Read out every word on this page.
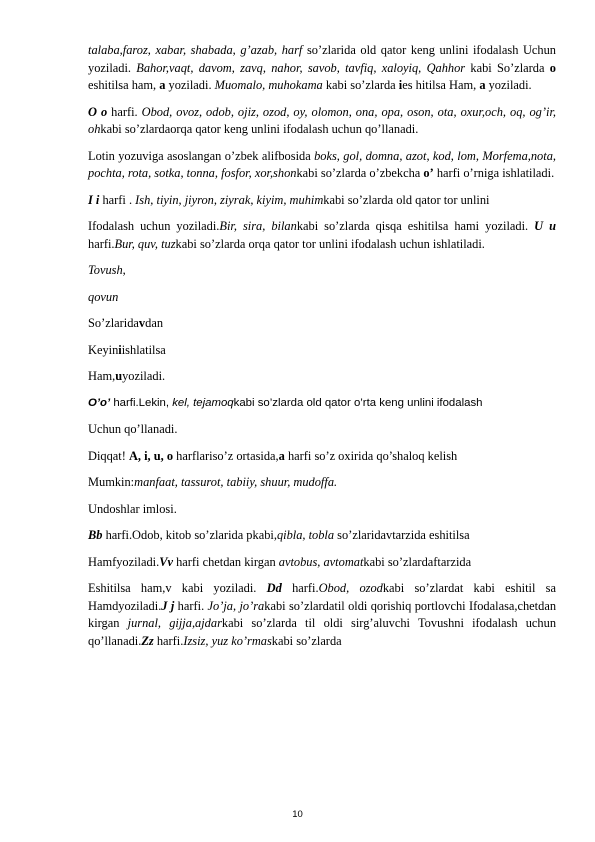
talaba,faroz, xabar, shabada, g’azab, harf so’zlarida old qator keng unlini ifodalash Uchun yoziladi. Bahor,vaqt, davom, zavq, nahor, savob, tavfiq, xaloyiq, Qahhor kabi So’zlarda o eshitilsa ham, a yoziladi. Muomalo, muhokama kabi so’zlarda ies hitilsa Ham, a yoziladi.

O o harfi. Obod, ovoz, odob, ojiz, ozod, oy, olomon, ona, opa, oson, ota, oxur,och, oq, og’ir, ohkabi so’zlardaorqa qator keng unlini ifodalash uchun qo’llanadi.

Lotin yozuviga asoslangan o’zbek alifbosida boks, gol, domna, azot, kod, lom, Morfema,nota, pochta, rota, sotka, tonna, fosfor, xor,shonkabi so’zlarda o’zbekcha o’ harfi o’rniga ishlatiladi.

I i harfi . Ish, tiyin, jiyron, ziyrak, kiyim, muhimkabi so’zlarda old qator tor unlini

Ifodalash uchun yoziladi.Bir, sira, bilankabi so’zlarda qisqa eshitilsa hami yoziladi. U u harfi.Bur, quv, tuzkabi so’zlarda orqa qator tor unlini ifodalash uchun ishlatiladi.

Tovush,

qovun

So’zlaridavdan

Keyiniishlatilsa

Ham,uyoziladi.

O’o’ harfi.Lekin, kel, tejamoqkabi so’zlarda old qator o’rta keng unlini ifodalash

Uchun qo’llanadi.

Diqqat! A, i, u, o harflariso’z ortasida,a harfi so’z oxirida qo’shaloq kelish

Mumkin:manfaat, tassurot, tabiiy, shuur, mudoffa.

Undoshlar imlosi.

Bb harfi.Odob, kitob so’zlarida pkabi,qibla, tobla so’zlaridavtarzida eshitilsa

Hamfyoziladi.Vv harfi chetdan kirgan avtobus, avtomatkabi so’zlardaftarzida

Eshitilsa ham,v kabi yoziladi. Dd harfi.Obod, ozodkabi so’zlardat kabi eshitil sa Hamdyoziladi.J j harfi. Jo’ja, jo’rakabi so’zlardatil oldi qorishiq portlovchi Ifodalasa,chetdan kirgan jurnal, gijja,ajdarkabi so’zlarda til oldi sirg’aluvchi Tovushni ifodalash uchun qo’llanadi.Zz harfi.Izsiz, yuz ko’rmaskabi so’zlarda

10
